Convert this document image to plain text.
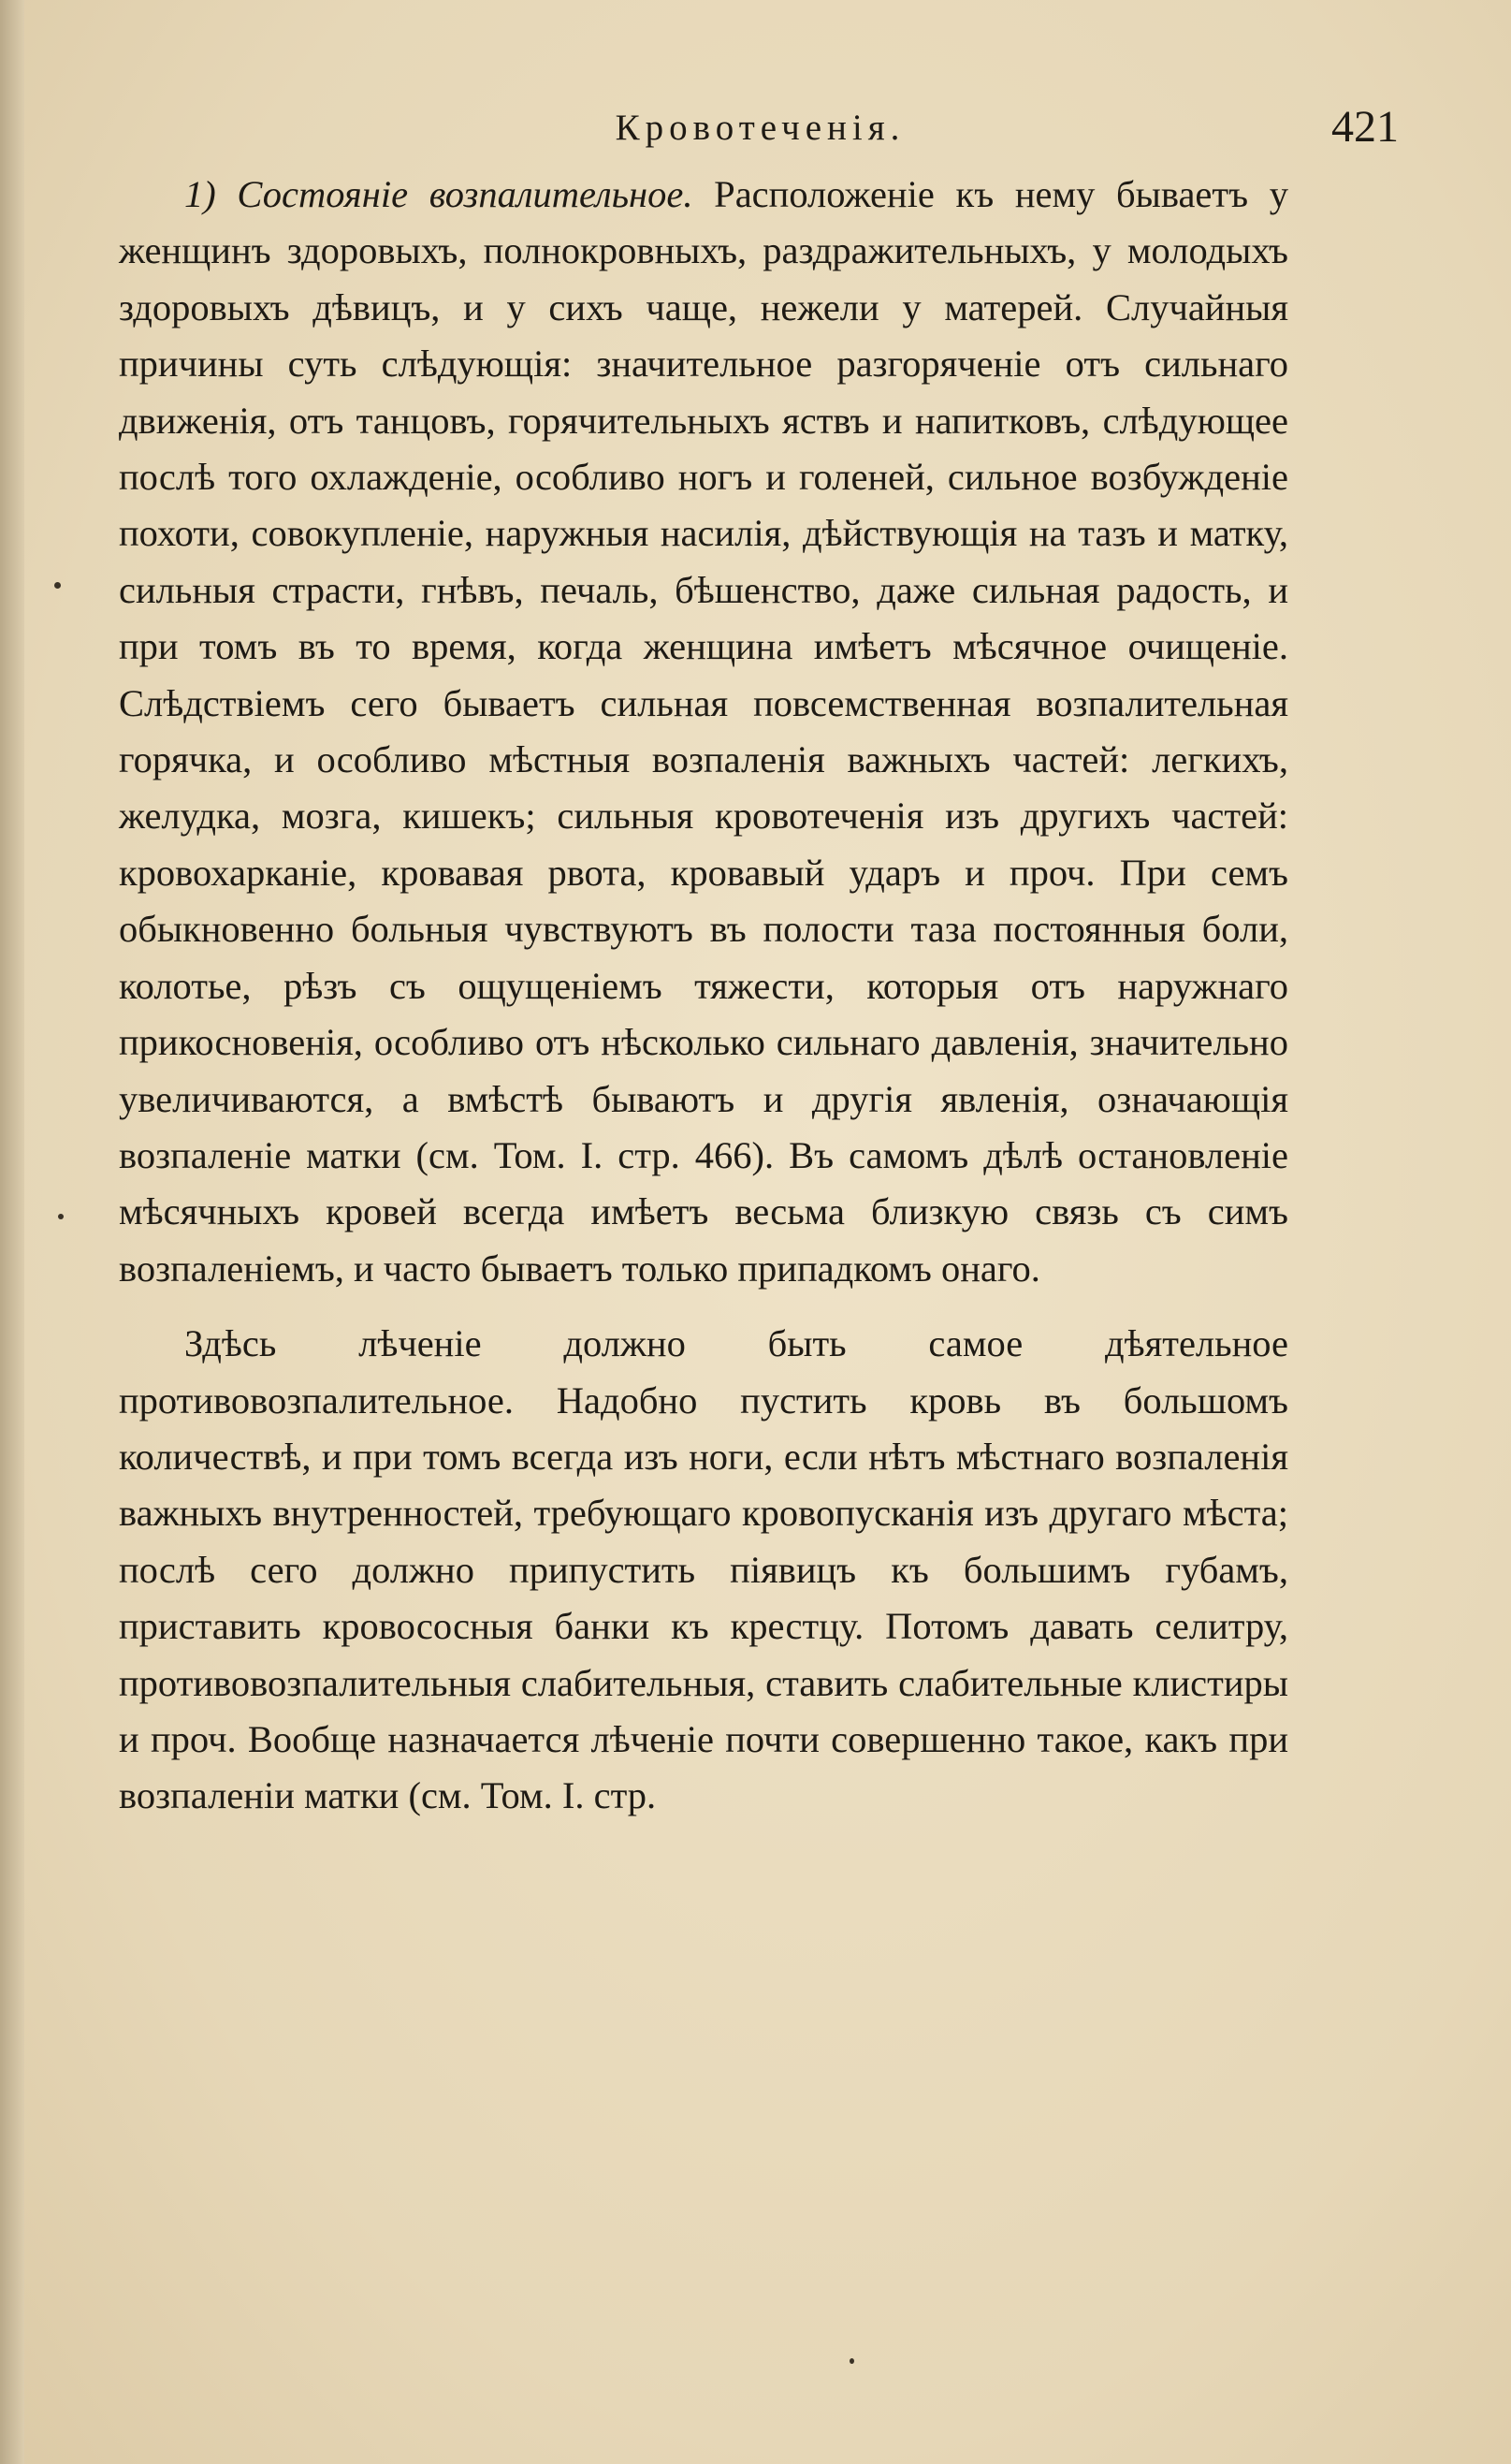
Кровотеченія.	421

1) Состояніе возпалительное. Расположеніе къ нему бываетъ у женщинъ здоровыхъ, полнокровныхъ, раздражительныхъ, у молодыхъ здоровыхъ дѣвицъ, и у сихъ чаще, нежели у матерей. Случайныя причины суть слѣдующія: значительное разгоряченіе отъ сильнаго движенія, отъ танцовъ, горячительныхъ яствъ и напитковъ, слѣдующее послѣ того охлажденіе, особливо ногъ и голеней, сильное возбужденіе похоти, совокупленіе, наружныя насилія, дѣйствующія на тазъ и матку, сильныя страсти, гнѣвъ, печаль, бѣшенство, даже сильная радость, и при томъ въ то время, когда женщина имѣетъ мѣсячное очищеніе. Слѣдствіемъ сего бываетъ сильная повсемственная возпалительная горячка, и особливо мѣстныя возпаленія важныхъ частей: легкихъ, желудка, мозга, кишекъ; сильныя кровотеченія изъ другихъ частей: кровохарканіе, кровавая рвота, кровавый ударъ и проч. При семъ обыкновенно больныя чувствуютъ въ полости таза постоянныя боли, колотье, рѣзъ съ ощущеніемъ тяжести, которыя отъ наружнаго прикосновенія, особливо отъ нѣсколько сильнаго давленія, значительно увеличиваются, а вмѣстѣ бываютъ и другія явленія, означающія возпаленіе матки (см. Том. I. стр. 466). Въ самомъ дѣлѣ остановленіе мѣсячныхъ кровей всегда имѣетъ весьма близкую связь съ симъ возпаленіемъ, и часто бываетъ только припадкомъ онаго.

Здѣсь лѣченіе должно быть самое дѣятельное противовозпалительное. Надобно пустить кровь въ большомъ количествѣ, и при томъ всегда изъ ноги, если нѣтъ мѣстнаго возпаленія важныхъ внутренностей, требующаго кровопусканія изъ другаго мѣста; послѣ сего должно припустить піявицъ къ большимъ губамъ, приставить кровососныя банки къ крестцу. Потомъ давать селитру, противовозпалительныя слабительныя, ставить слабительные клистиры и проч. Вообще назначается лѣченіе почти совершенно такое, какъ при возпаленіи матки (см. Том. I. стр.
